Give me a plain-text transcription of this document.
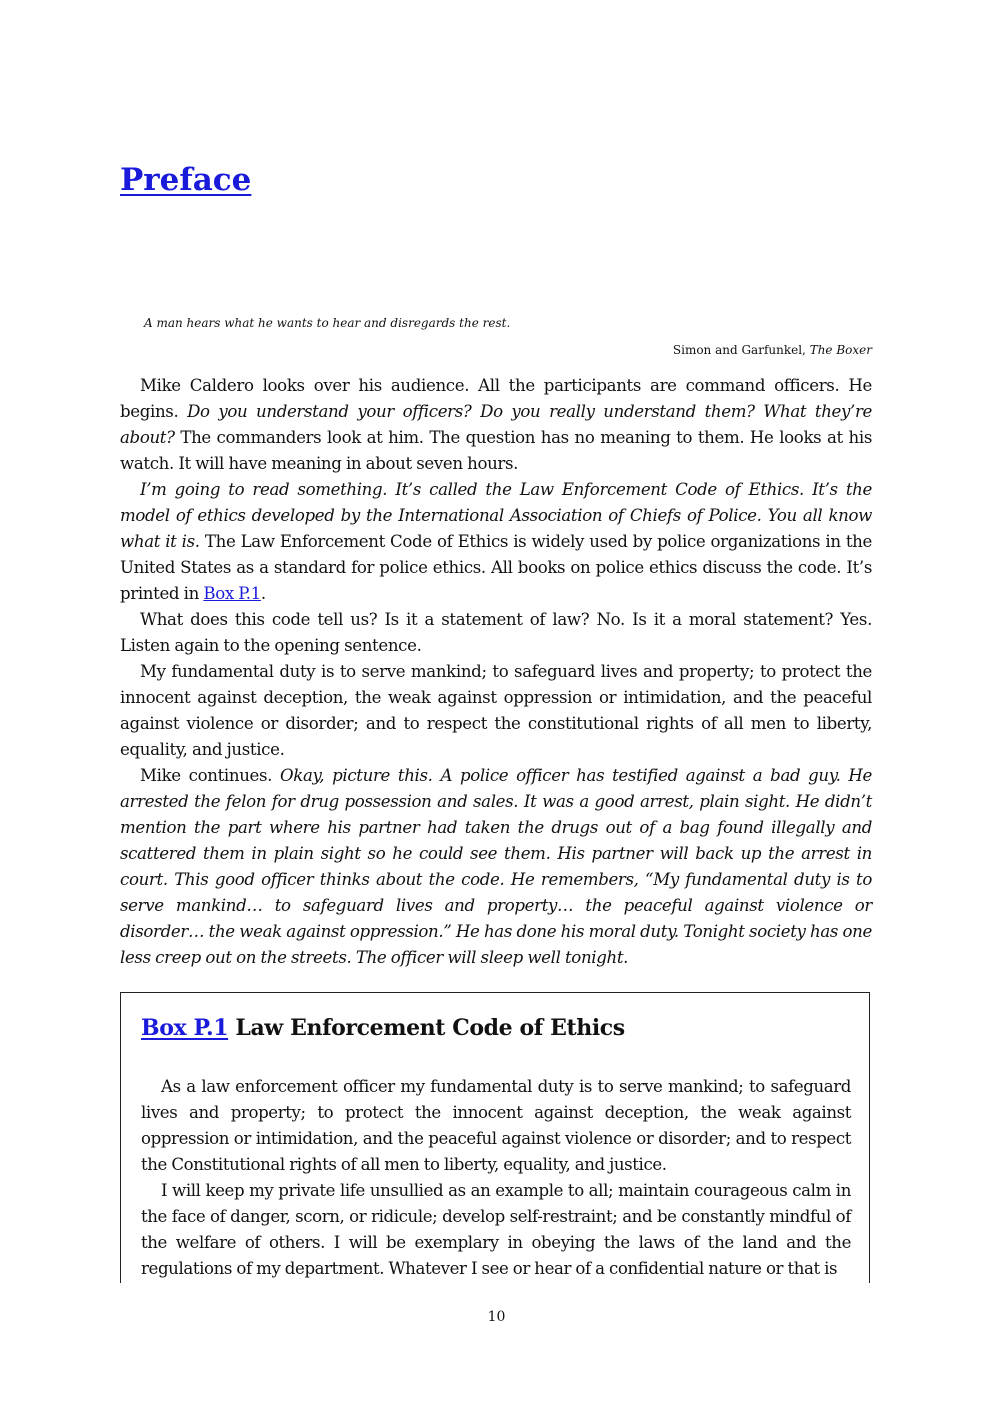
Preface

A man hears what he wants to hear and disregards the rest.

Simon and Garfunkel, The Boxer

Mike Caldero looks over his audience. All the participants are command officers. He begins. Do you understand your officers? Do you really understand them? What they’re about? The commanders look at him. The question has no meaning to them. He looks at his watch. It will have meaning in about seven hours.

I’m going to read something. It’s called the Law Enforcement Code of Ethics. It’s the model of ethics developed by the International Association of Chiefs of Police. You all know what it is. The Law Enforcement Code of Ethics is widely used by police organizations in the United States as a standard for police ethics. All books on police ethics discuss the code. It’s printed in Box P.1.

What does this code tell us? Is it a statement of law? No. Is it a moral statement? Yes. Listen again to the opening sentence.

My fundamental duty is to serve mankind; to safeguard lives and property; to protect the innocent against deception, the weak against oppression or intimidation, and the peaceful against violence or disorder; and to respect the constitutional rights of all men to liberty, equality, and justice.

Mike continues. Okay, picture this. A police officer has testified against a bad guy. He arrested the felon for drug possession and sales. It was a good arrest, plain sight. He didn’t mention the part where his partner had taken the drugs out of a bag found illegally and scattered them in plain sight so he could see them. His partner will back up the arrest in court. This good officer thinks about the code. He remembers, “My fundamental duty is to serve mankind… to safeguard lives and property… the peaceful against violence or disorder… the weak against oppression.” He has done his moral duty. Tonight society has one less creep out on the streets. The officer will sleep well tonight.

Box P.1 Law Enforcement Code of Ethics

As a law enforcement officer my fundamental duty is to serve mankind; to safeguard lives and property; to protect the innocent against deception, the weak against oppression or intimidation, and the peaceful against violence or disorder; and to respect the Constitutional rights of all men to liberty, equality, and justice.

I will keep my private life unsullied as an example to all; maintain courageous calm in the face of danger, scorn, or ridicule; develop self-restraint; and be constantly mindful of the welfare of others. I will be exemplary in obeying the laws of the land and the regulations of my department. Whatever I see or hear of a confidential nature or that is

10
